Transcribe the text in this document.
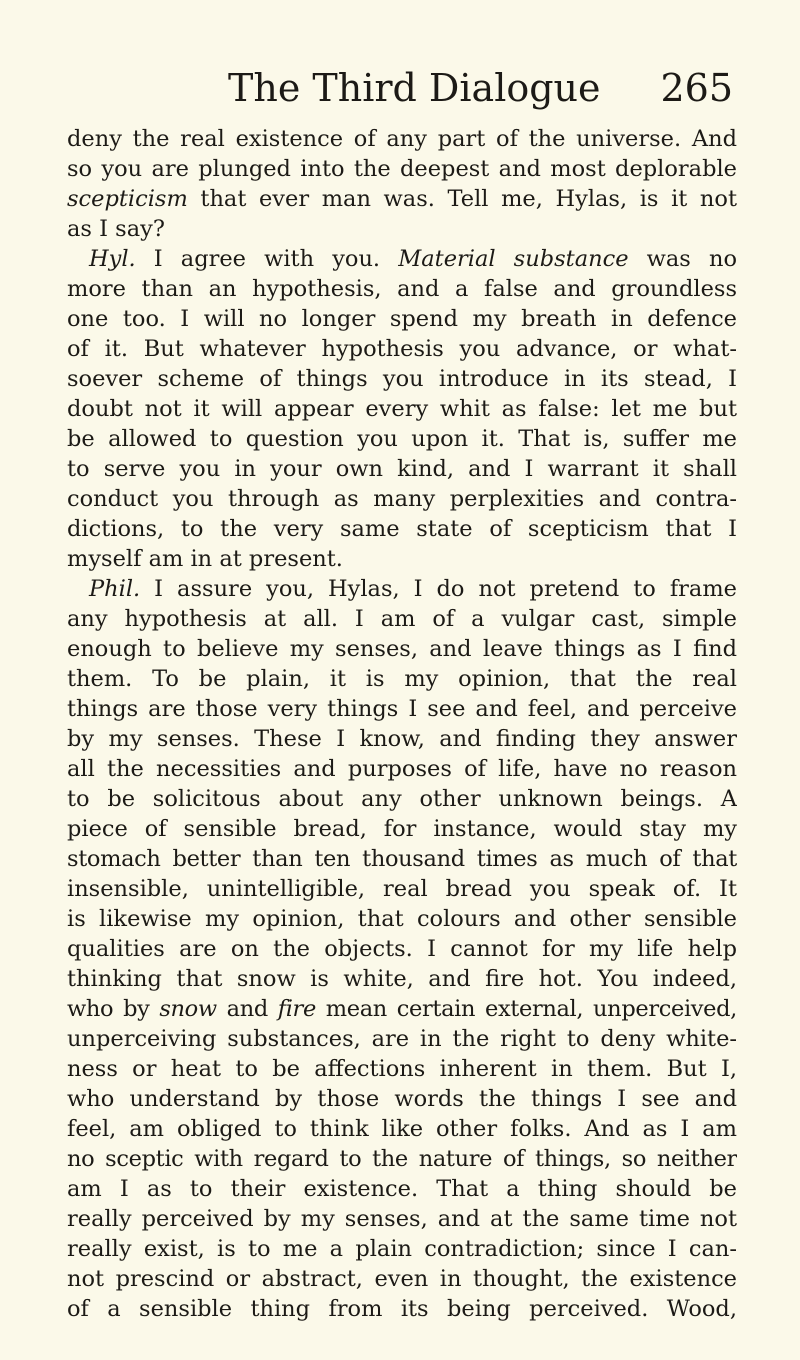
The Third Dialogue 265
deny the real existence of any part of the universe. And
so you are plunged into the deepest and most deplorable
scepticism that ever man was. Tell me, Hylas, is it not
as I say?
Hyl. I agree with you. Material substance was no
more than an hypothesis, and a false and groundless
one too. I will no longer spend my breath in defence
of it. But whatever hypothesis you advance, or what-
soever scheme of things you introduce in its stead, I
doubt not it will appear every whit as false: let me but
be allowed to question you upon it. That is, suffer me
to serve you in your own kind, and I warrant it shall
conduct you through as many perplexities and contra-
dictions, to the very same state of scepticism that I
myself am in at present.
Phil. I assure you, Hylas, I do not pretend to frame
any hypothesis at all. I am of a vulgar cast, simple
enough to believe my senses, and leave things as I find
them. To be plain, it is my opinion, that the real
things are those very things I see and feel, and perceive
by my senses. These I know, and finding they answer
all the necessities and purposes of life, have no reason
to be solicitous about any other unknown beings. A
piece of sensible bread, for instance, would stay my
stomach better than ten thousand times as much of that
insensible, unintelligible, real bread you speak of. It
is likewise my opinion, that colours and other sensible
qualities are on the objects. I cannot for my life help
thinking that snow is white, and fire hot. You indeed,
who by snow and fire mean certain external, unperceived,
unperceiving substances, are in the right to deny white-
ness or heat to be affections inherent in them. But I,
who understand by those words the things I see and
feel, am obliged to think like other folks. And as I am
no sceptic with regard to the nature of things, so neither
am I as to their existence. That a thing should be
really perceived by my senses, and at the same time not
really exist, is to me a plain contradiction; since I can-
not prescind or abstract, even in thought, the existence
of a sensible thing from its being perceived. Wood,
